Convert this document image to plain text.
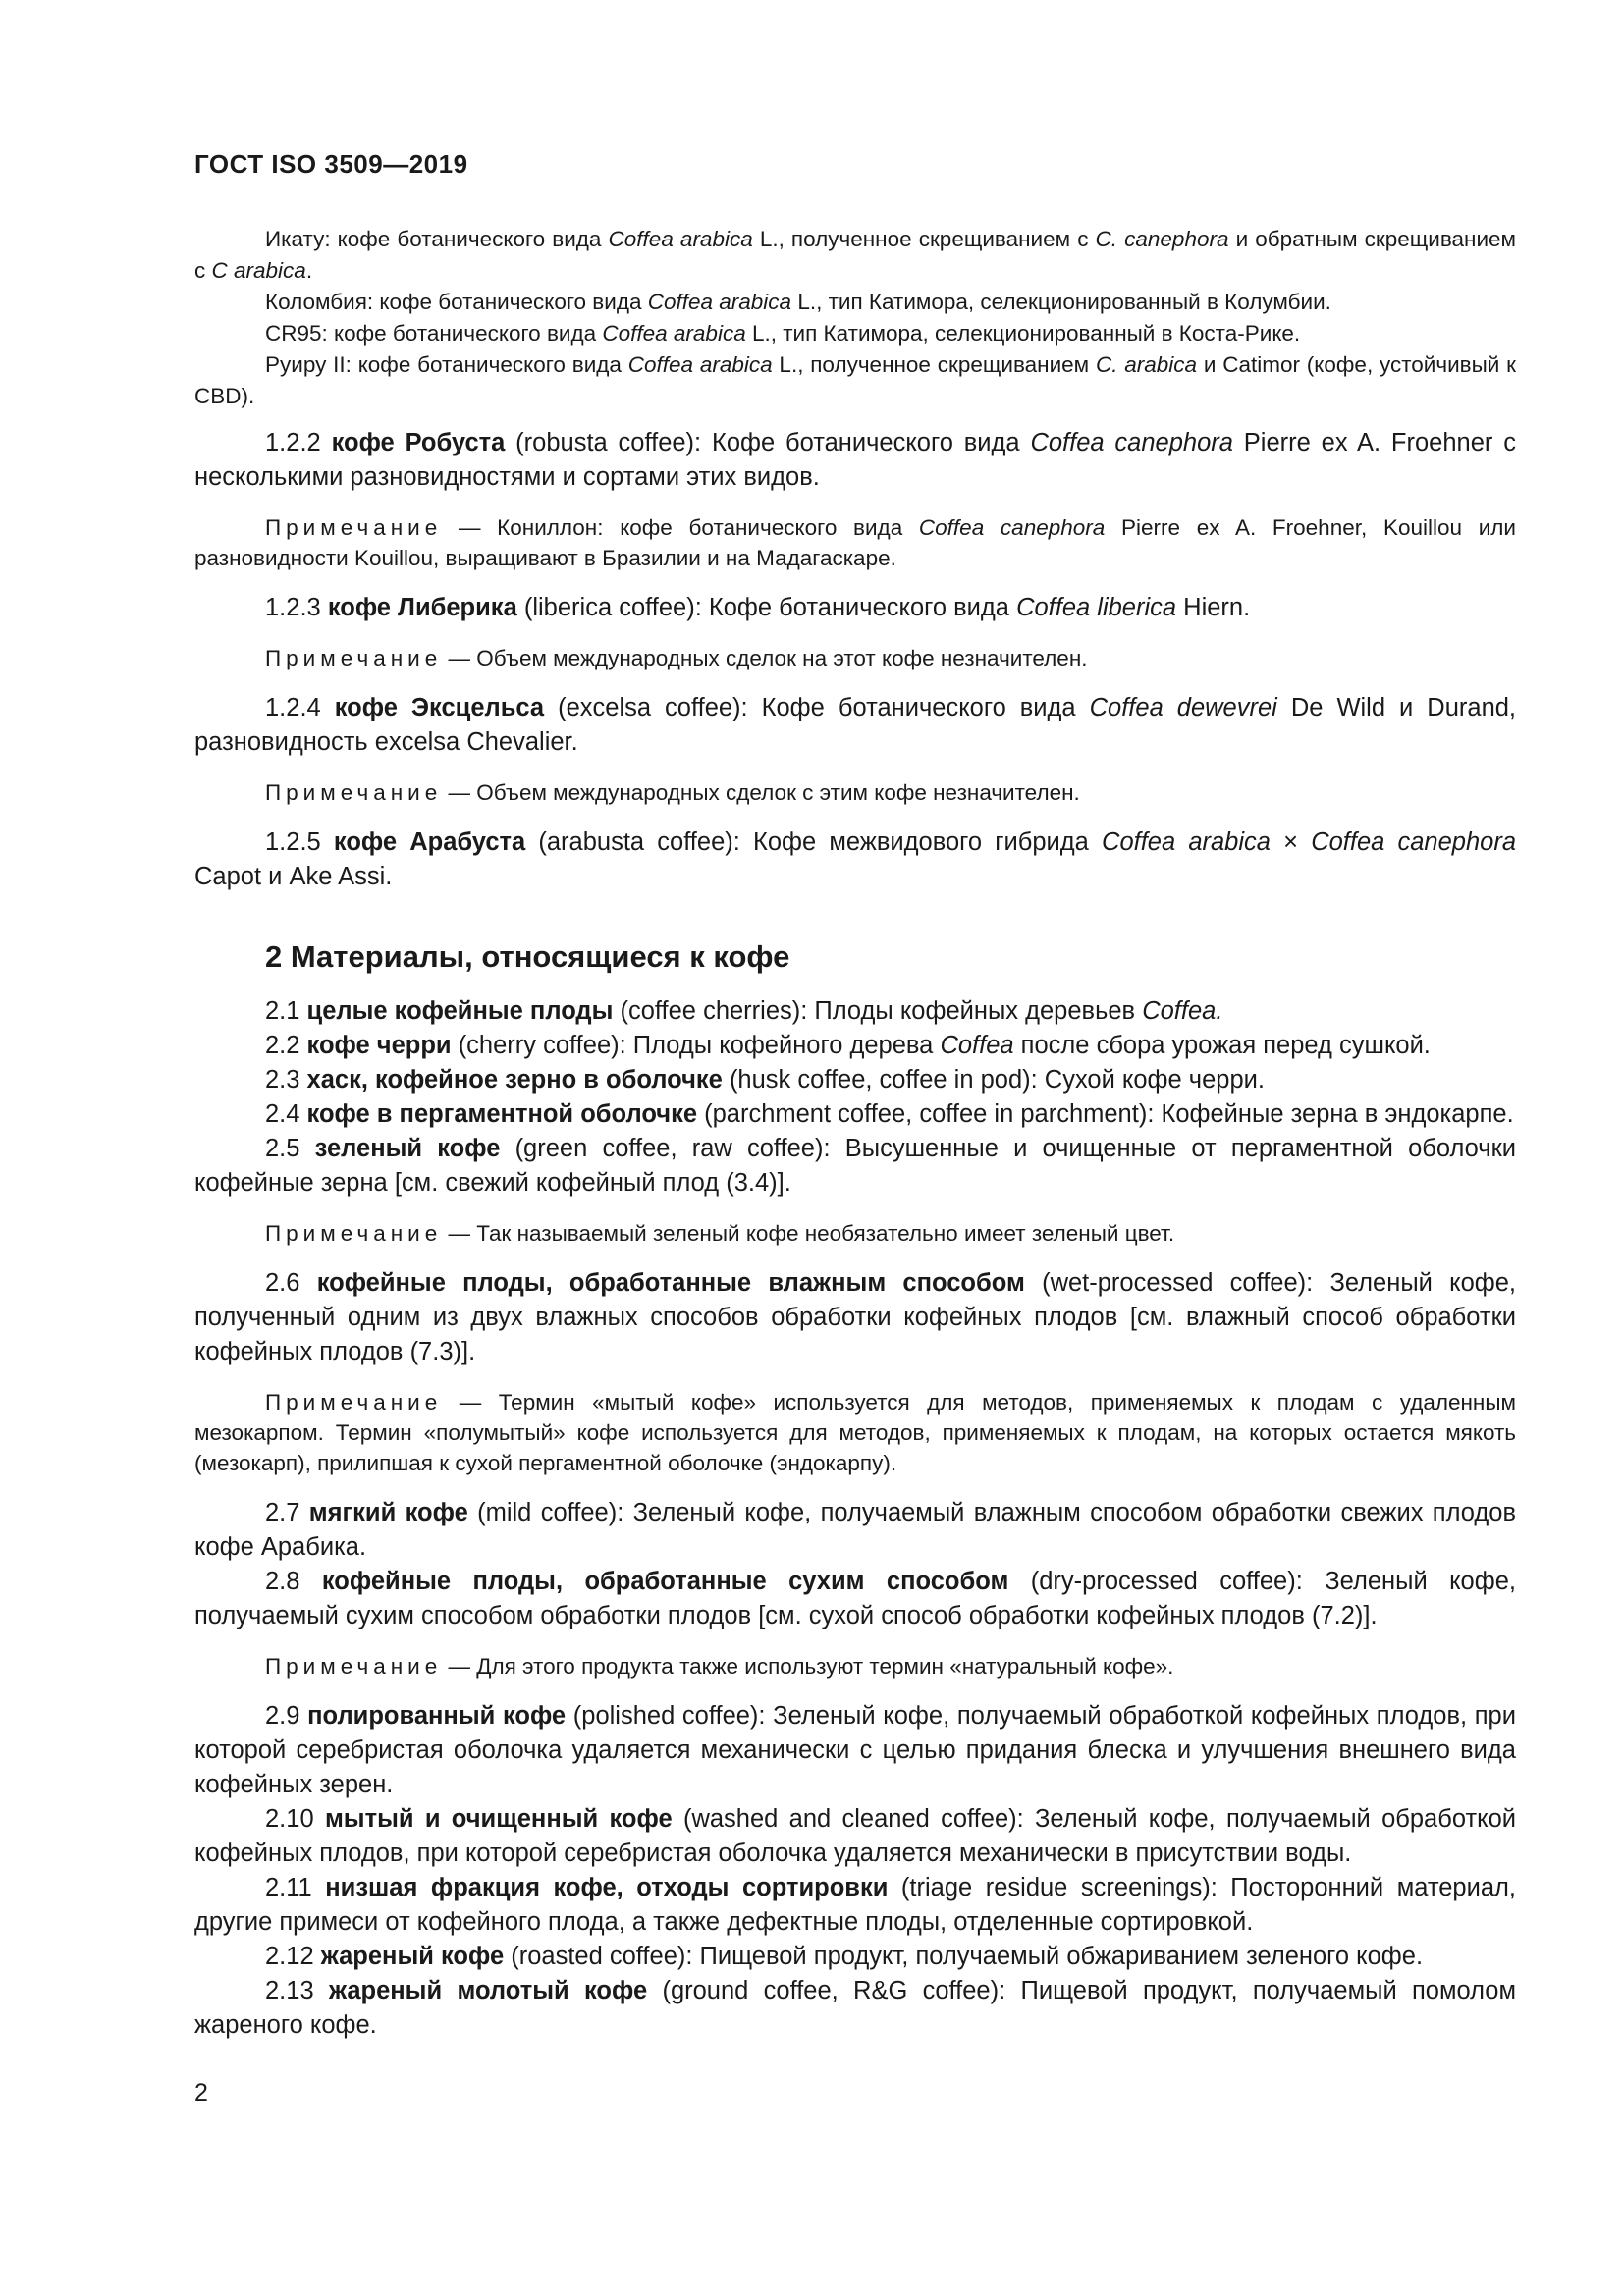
ГОСТ ISO 3509—2019

Икату: кофе ботанического вида Coffea arabica L., полученное скрещиванием с C. canephora и обратным скрещиванием с C arabica.

Коломбия: кофе ботанического вида Coffea arabica L., тип Катимора, селекционированный в Колумбии.

CR95: кофе ботанического вида Coffea arabica L., тип Катимора, селекционированный в Коста-Рике.

Руиру II: кофе ботанического вида Coffea arabica L., полученное скрещиванием C. arabica и Catimor (кофе, устойчивый к CBD).

1.2.2 кофе Робуста (robusta coffee): Кофе ботанического вида Coffea canephora Pierre ex A. Froehner с несколькими разновидностями и сортами этих видов.

Примечание — Кониллон: кофе ботанического вида Coffea canephora Pierre ex A. Froehner, Kouillou или разновидности Kouillou, выращивают в Бразилии и на Мадагаскаре.

1.2.3 кофе Либерика (liberica coffee): Кофе ботанического вида Coffea liberica Hiern.

Примечание — Объем международных сделок на этот кофе незначителен.

1.2.4 кофе Эксцельса (excelsa coffee): Кофе ботанического вида Coffea dewevrei De Wild и Durand, разновидность excelsa Chevalier.

Примечание — Объем международных сделок с этим кофе незначителен.

1.2.5 кофе Арабуста (arabusta coffee): Кофе межвидового гибрида Coffea arabica × Coffea canephora Capot и Ake Assi.

2 Материалы, относящиеся к кофе

2.1 целые кофейные плоды (coffee cherries): Плоды кофейных деревьев Coffea.

2.2 кофе черри (cherry coffee): Плоды кофейного дерева Coffea после сбора урожая перед сушкой.

2.3 хаск, кофейное зерно в оболочке (husk coffee, coffee in pod): Сухой кофе черри.

2.4 кофе в пергаментной оболочке (parchment coffee, coffee in parchment): Кофейные зерна в эндокарпе.

2.5 зеленый кофе (green coffee, raw coffee): Высушенные и очищенные от пергаментной оболочки кофейные зерна [см. свежий кофейный плод (3.4)].

Примечание — Так называемый зеленый кофе необязательно имеет зеленый цвет.

2.6 кофейные плоды, обработанные влажным способом (wet-processed coffee): Зеленый кофе, полученный одним из двух влажных способов обработки кофейных плодов [см. влажный способ обработки кофейных плодов (7.3)].

Примечание — Термин «мытый кофе» используется для методов, применяемых к плодам с удаленным мезокарпом. Термин «полумытый» кофе используется для методов, применяемых к плодам, на которых остается мякоть (мезокарп), прилипшая к сухой пергаментной оболочке (эндокарпу).

2.7 мягкий кофе (mild coffee): Зеленый кофе, получаемый влажным способом обработки свежих плодов кофе Арабика.

2.8 кофейные плоды, обработанные сухим способом (dry-processed coffee): Зеленый кофе, получаемый сухим способом обработки плодов [см. сухой способ обработки кофейных плодов (7.2)].

Примечание — Для этого продукта также используют термин «натуральный кофе».

2.9 полированный кофе (polished coffee): Зеленый кофе, получаемый обработкой кофейных плодов, при которой серебристая оболочка удаляется механически с целью придания блеска и улучшения внешнего вида кофейных зерен.

2.10 мытый и очищенный кофе (washed and cleaned coffee): Зеленый кофе, получаемый обработкой кофейных плодов, при которой серебристая оболочка удаляется механически в присутствии воды.

2.11 низшая фракция кофе, отходы сортировки (triage residue screenings): Посторонний материал, другие примеси от кофейного плода, а также дефектные плоды, отделенные сортировкой.

2.12 жареный кофе (roasted coffee): Пищевой продукт, получаемый обжариванием зеленого кофе.

2.13 жареный молотый кофе (ground coffee, R&G coffee): Пищевой продукт, получаемый помолом жареного кофе.

2
